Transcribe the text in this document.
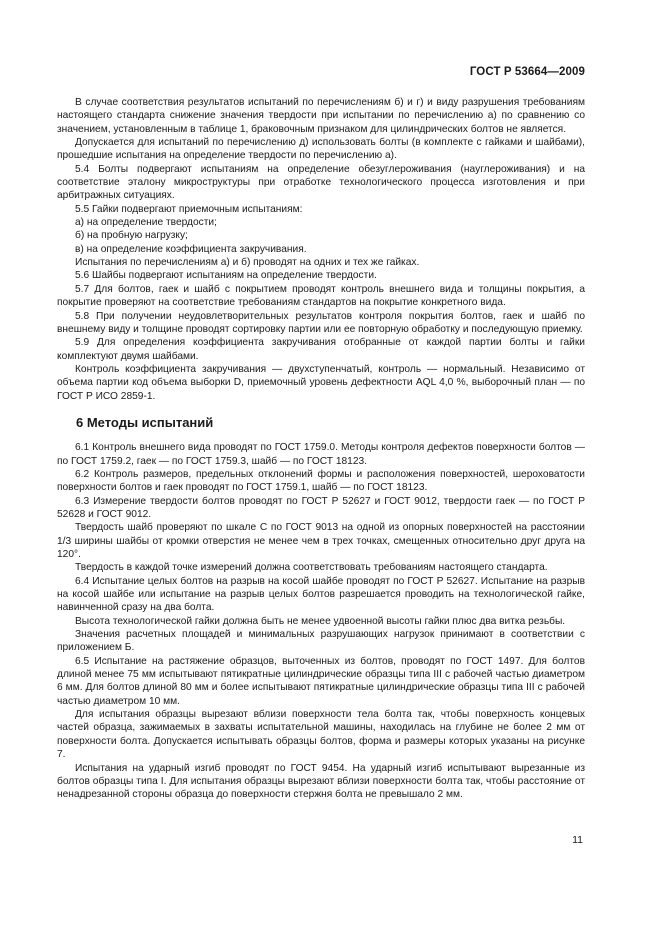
ГОСТ Р 53664—2009

В случае соответствия результатов испытаний по перечислениям б) и г) и виду разрушения требованиям настоящего стандарта снижение значения твердости при испытании по перечислению а) по сравнению со значением, установленным в таблице 1, браковочным признаком для цилиндрических болтов не является.

Допускается для испытаний по перечислению д) использовать болты (в комплекте с гайками и шайбами), прошедшие испытания на определение твердости по перечислению а).

5.4 Болты подвергают испытаниям на определение обезуглероживания (науглероживания) и на соответствие эталону микроструктуры при отработке технологического процесса изготовления и при арбитражных ситуациях.

5.5 Гайки подвергают приемочным испытаниям:

а) на определение твердости;

б) на пробную нагрузку;

в) на определение коэффициента закручивания.

Испытания по перечислениям а) и б) проводят на одних и тех же гайках.

5.6 Шайбы подвергают испытаниям на определение твердости.

5.7 Для болтов, гаек и шайб с покрытием проводят контроль внешнего вида и толщины покрытия, а покрытие проверяют на соответствие требованиям стандартов на покрытие конкретного вида.

5.8 При получении неудовлетворительных результатов контроля покрытия болтов, гаек и шайб по внешнему виду и толщине проводят сортировку партии или ее повторную обработку и последующую приемку.

5.9 Для определения коэффициента закручивания отобранные от каждой партии болты и гайки комплектуют двумя шайбами.

Контроль коэффициента закручивания — двухступенчатый, контроль — нормальный. Независимо от объема партии код объема выборки D, приемочный уровень дефектности AQL 4,0 %, выборочный план — по ГОСТ Р ИСО 2859-1.

6 Методы испытаний

6.1 Контроль внешнего вида проводят по ГОСТ 1759.0. Методы контроля дефектов поверхности болтов — по ГОСТ 1759.2, гаек — по ГОСТ 1759.3, шайб — по ГОСТ 18123.

6.2 Контроль размеров, предельных отклонений формы и расположения поверхностей, шероховатости поверхности болтов и гаек проводят по ГОСТ 1759.1, шайб — по ГОСТ 18123.

6.3 Измерение твердости болтов проводят по ГОСТ Р 52627 и ГОСТ 9012, твердости гаек — по ГОСТ Р 52628 и ГОСТ 9012.

Твердость шайб проверяют по шкале С по ГОСТ 9013 на одной из опорных поверхностей на расстоянии 1/3 ширины шайбы от кромки отверстия не менее чем в трех точках, смещенных относительно друг друга на 120°.

Твердость в каждой точке измерений должна соответствовать требованиям настоящего стандарта.

6.4 Испытание целых болтов на разрыв на косой шайбе проводят по ГОСТ Р 52627. Испытание на разрыв на косой шайбе или испытание на разрыв целых болтов разрешается проводить на технологической гайке, навинченной сразу на два болта.

Высота технологической гайки должна быть не менее удвоенной высоты гайки плюс два витка резьбы.

Значения расчетных площадей и минимальных разрушающих нагрузок принимают в соответствии с приложением Б.

6.5 Испытание на растяжение образцов, выточенных из болтов, проводят по ГОСТ 1497. Для болтов длиной менее 75 мм испытывают пятикратные цилиндрические образцы типа III с рабочей частью диаметром 6 мм. Для болтов длиной 80 мм и более испытывают пятикратные цилиндрические образцы типа III с рабочей частью диаметром 10 мм.

Для испытания образцы вырезают вблизи поверхности тела болта так, чтобы поверхность концевых частей образца, зажимаемых в захваты испытательной машины, находилась на глубине не более 2 мм от поверхности болта. Допускается испытывать образцы болтов, форма и размеры которых указаны на рисунке 7.

Испытания на ударный изгиб проводят по ГОСТ 9454. На ударный изгиб испытывают вырезанные из болтов образцы типа I. Для испытания образцы вырезают вблизи поверхности болта так, чтобы расстояние от ненадрезанной стороны образца до поверхности стержня болта не превышало 2 мм.

11
